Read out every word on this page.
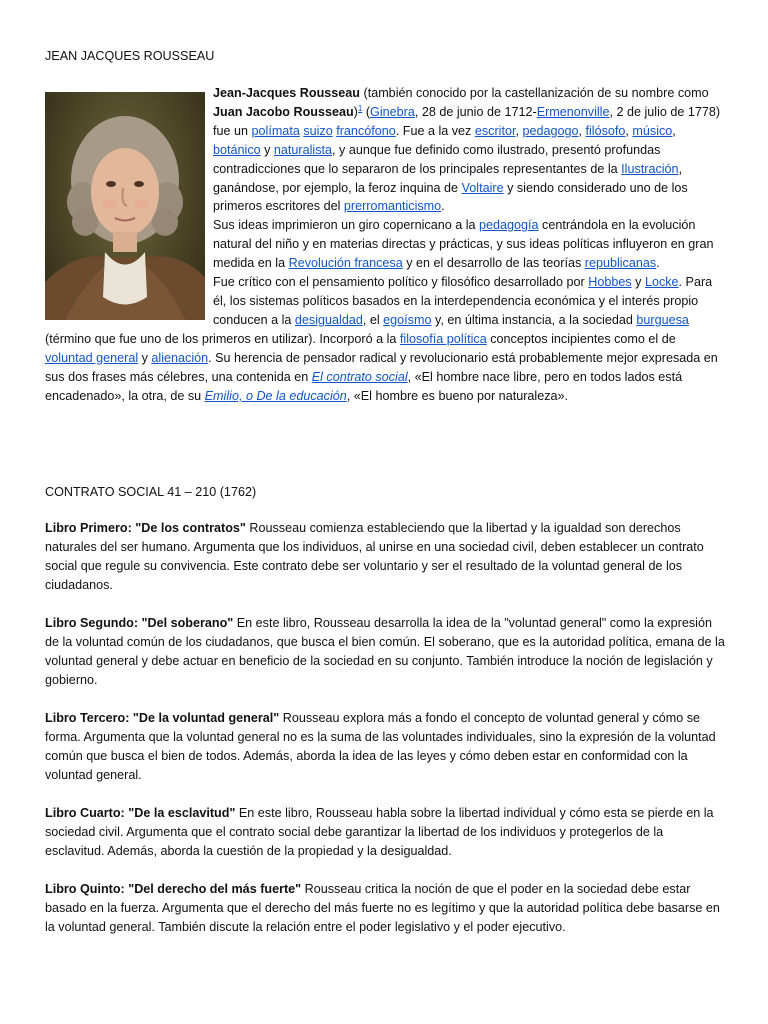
JEAN JACQUES ROUSSEAU

Jean-Jacques Rousseau (también conocido por la castellanización de su nombre como Juan Jacobo Rousseau)$^1$ (Ginebra, 28 de junio de 1712-Ermenonville, 2 de julio de 1778) fue un polímata suizo francófono. Fue a la vez escritor, pedagogo, filósofo, músico, botánico y naturalista, y aunque fue definido como ilustrado, presentó profundas contradicciones que lo separaron de los principales representantes de la Ilustración, ganándose, por ejemplo, la feroz inquina de Voltaire y siendo considerado uno de los primeros escritores del prerromanticismo.

Sus ideas imprimieron un giro copernicano a la pedagogía centrándola en la evolución natural del niño y en materias directas y prácticas, y sus ideas políticas influyeron en gran medida en la Revolución francesa y en el desarrollo de las teorías republicanas.

Fue crítico con el pensamiento político y filosófico desarrollado por Hobbes y Locke. Para él, los sistemas políticos basados en la interdependencia económica y el interés propio conducen a la desigualdad, el egoísmo y, en última instancia, a la sociedad burguesa (término que fue uno de los primeros en utilizar). Incorporó a la filosofía política conceptos incipientes como el de voluntad general y alienación. Su herencia de pensador radical y revolucionario está probablemente mejor expresada en sus dos frases más célebres, una contenida en El contrato social, «El hombre nace libre, pero en todos lados está encadenado», la otra, de su Emilio, o De la educación, «El hombre es bueno por naturaleza».

CONTRATO SOCIAL 41 – 210 (1762)

Libro Primero: "De los contratos" Rousseau comienza estableciendo que la libertad y la igualdad son derechos naturales del ser humano. Argumenta que los individuos, al unirse en una sociedad civil, deben establecer un contrato social que regule su convivencia. Este contrato debe ser voluntario y ser el resultado de la voluntad general de los ciudadanos.

Libro Segundo: "Del soberano" En este libro, Rousseau desarrolla la idea de la "voluntad general" como la expresión de la voluntad común de los ciudadanos, que busca el bien común. El soberano, que es la autoridad política, emana de la voluntad general y debe actuar en beneficio de la sociedad en su conjunto. También introduce la noción de legislación y gobierno.

Libro Tercero: "De la voluntad general" Rousseau explora más a fondo el concepto de voluntad general y cómo se forma. Argumenta que la voluntad general no es la suma de las voluntades individuales, sino la expresión de la voluntad común que busca el bien de todos. Además, aborda la idea de las leyes y cómo deben estar en conformidad con la voluntad general.

Libro Cuarto: "De la esclavitud" En este libro, Rousseau habla sobre la libertad individual y cómo esta se pierde en la sociedad civil. Argumenta que el contrato social debe garantizar la libertad de los individuos y protegerlos de la esclavitud. Además, aborda la cuestión de la propiedad y la desigualdad.

Libro Quinto: "Del derecho del más fuerte" Rousseau critica la noción de que el poder en la sociedad debe estar basado en la fuerza. Argumenta que el derecho del más fuerte no es legítimo y que la autoridad política debe basarse en la voluntad general. También discute la relación entre el poder legislativo y el poder ejecutivo.
